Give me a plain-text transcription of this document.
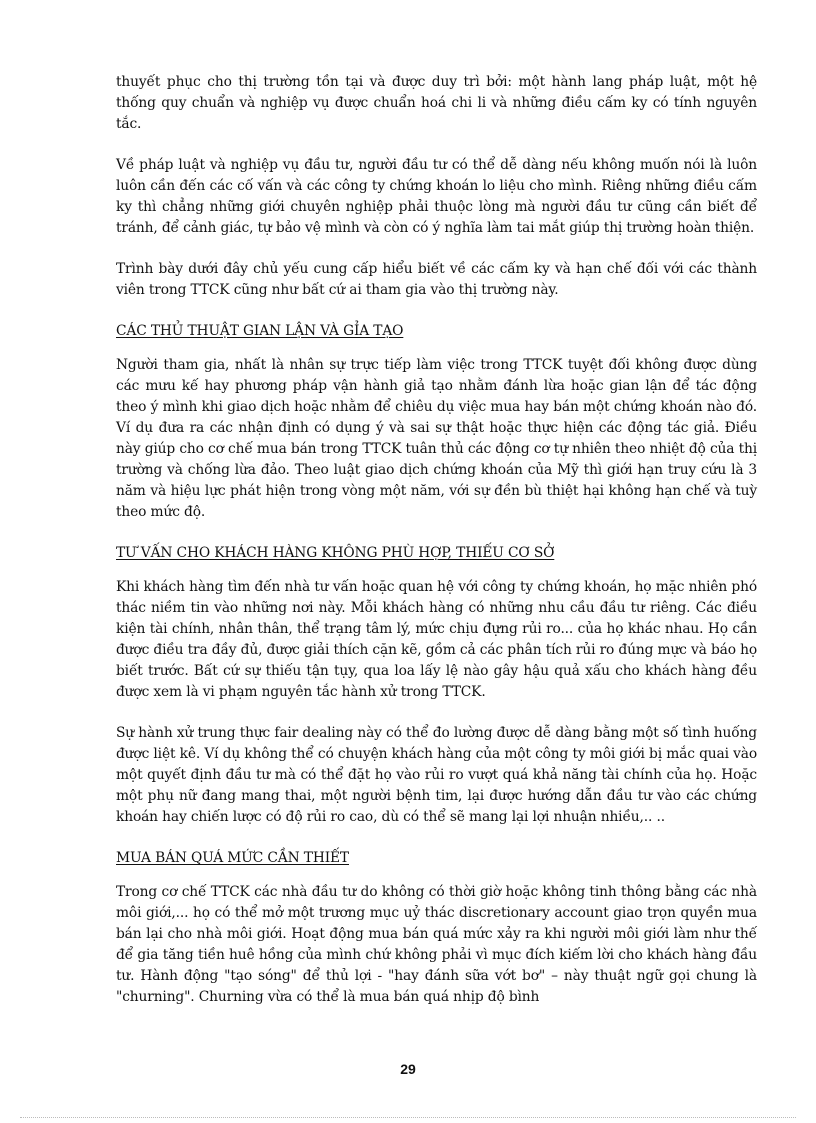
thuyết phục cho thị trường tồn tại và được duy trì bởi: một hành lang pháp luật, một hệ thống quy chuẩn và nghiệp vụ được chuẩn hoá chi li và những điều cấm ky có tính nguyên tắc.

Về pháp luật và nghiệp vụ đầu tư, người đầu tư có thể dễ dàng nếu không muốn nói là luôn luôn cần đến các cố vấn và các công ty chứng khoán lo liệu cho mình. Riêng những điều cấm ky thì chẳng những giới chuyên nghiệp phải thuộc lòng mà người đầu tư cũng cần biết để tránh, để cảnh giác, tự bảo vệ mình và còn có ý nghĩa làm tai mắt giúp thị trường hoàn thiện.

Trình bày dưới đây chủ yếu cung cấp hiểu biết về các cấm ky và hạn chế đối với các thành viên trong TTCK cũng như bất cứ ai tham gia vào thị trường này.

CÁC THỦ THUẬT GIAN LẬN VÀ GỈA TẠO

Người tham gia, nhất là nhân sự trực tiếp làm việc trong TTCK tuyệt đối không được dùng các mưu kế hay phương pháp vận hành giả tạo nhằm đánh lừa hoặc gian lận để tác động theo ý mình khi giao dịch hoặc nhằm để chiêu dụ việc mua hay bán một chứng khoán nào đó. Ví dụ đưa ra các nhận định có dụng ý và sai sự thật hoặc thực hiện các động tác giả. Điều này giúp cho cơ chế mua bán trong TTCK tuân thủ các động cơ tự nhiên theo nhiệt độ của thị trường và chống lừa đảo. Theo luật giao dịch chứng khoán của Mỹ thì giới hạn truy cứu là 3 năm và hiệu lực phát hiện trong vòng một năm, với sự đền bù thiệt hại không hạn chế và tuỳ theo mức độ.

TƯ VẤN CHO KHÁCH HÀNG KHÔNG PHÙ HỢP, THIẾU CƠ SỞ

Khi khách hàng tìm đến nhà tư vấn hoặc quan hệ với công ty chứng khoán, họ mặc nhiên phó thác niềm tin vào những nơi này. Mỗi khách hàng có những nhu cầu đầu tư riêng. Các điều kiện tài chính, nhân thân, thể trạng tâm lý, mức chịu đựng rủi ro... của họ khác nhau. Họ cần được điều tra đầy đủ, được giải thích cặn kẽ, gồm cả các phân tích rủi ro đúng mực và báo họ biết trước. Bất cứ sự thiếu tận tụy, qua loa lấy lệ nào gây hậu quả xấu cho khách hàng đều được xem là vi phạm nguyên tắc hành xử trong TTCK.

Sự hành xử trung thực fair dealing này có thể đo lường được dễ dàng bằng một số tình huống được liệt kê. Ví dụ không thể có chuyện khách hàng của một công ty môi giới bị mắc quai vào một quyết định đầu tư mà có thể đặt họ vào rủi ro vượt quá khả năng tài chính của họ. Hoặc một phụ nữ đang mang thai, một người bệnh tim, lại được hướng dẫn đầu tư vào các chứng khoán hay chiến lược có độ rủi ro cao, dù có thể sẽ mang lại lợi nhuận nhiều,.. ..

MUA BÁN QUÁ MỨC CẦN THIẾT

Trong cơ chế TTCK các nhà đầu tư do không có thời giờ hoặc không tinh thông bằng các nhà môi giới,... họ có thể mở một trương mục uỷ thác discretionary account giao trọn quyền mua bán lại cho nhà môi giới. Hoạt động mua bán quá mức xảy ra khi người môi giới làm như thế để gia tăng tiền huê hồng của mình chứ không phải vì mục đích kiếm lời cho khách hàng đầu tư. Hành động "tạo sóng" để thủ lợi - "hay đánh sữa vớt bơ" – này thuật ngữ gọi chung là "churning". Churning vừa có thể là mua bán quá nhịp độ bình

29
